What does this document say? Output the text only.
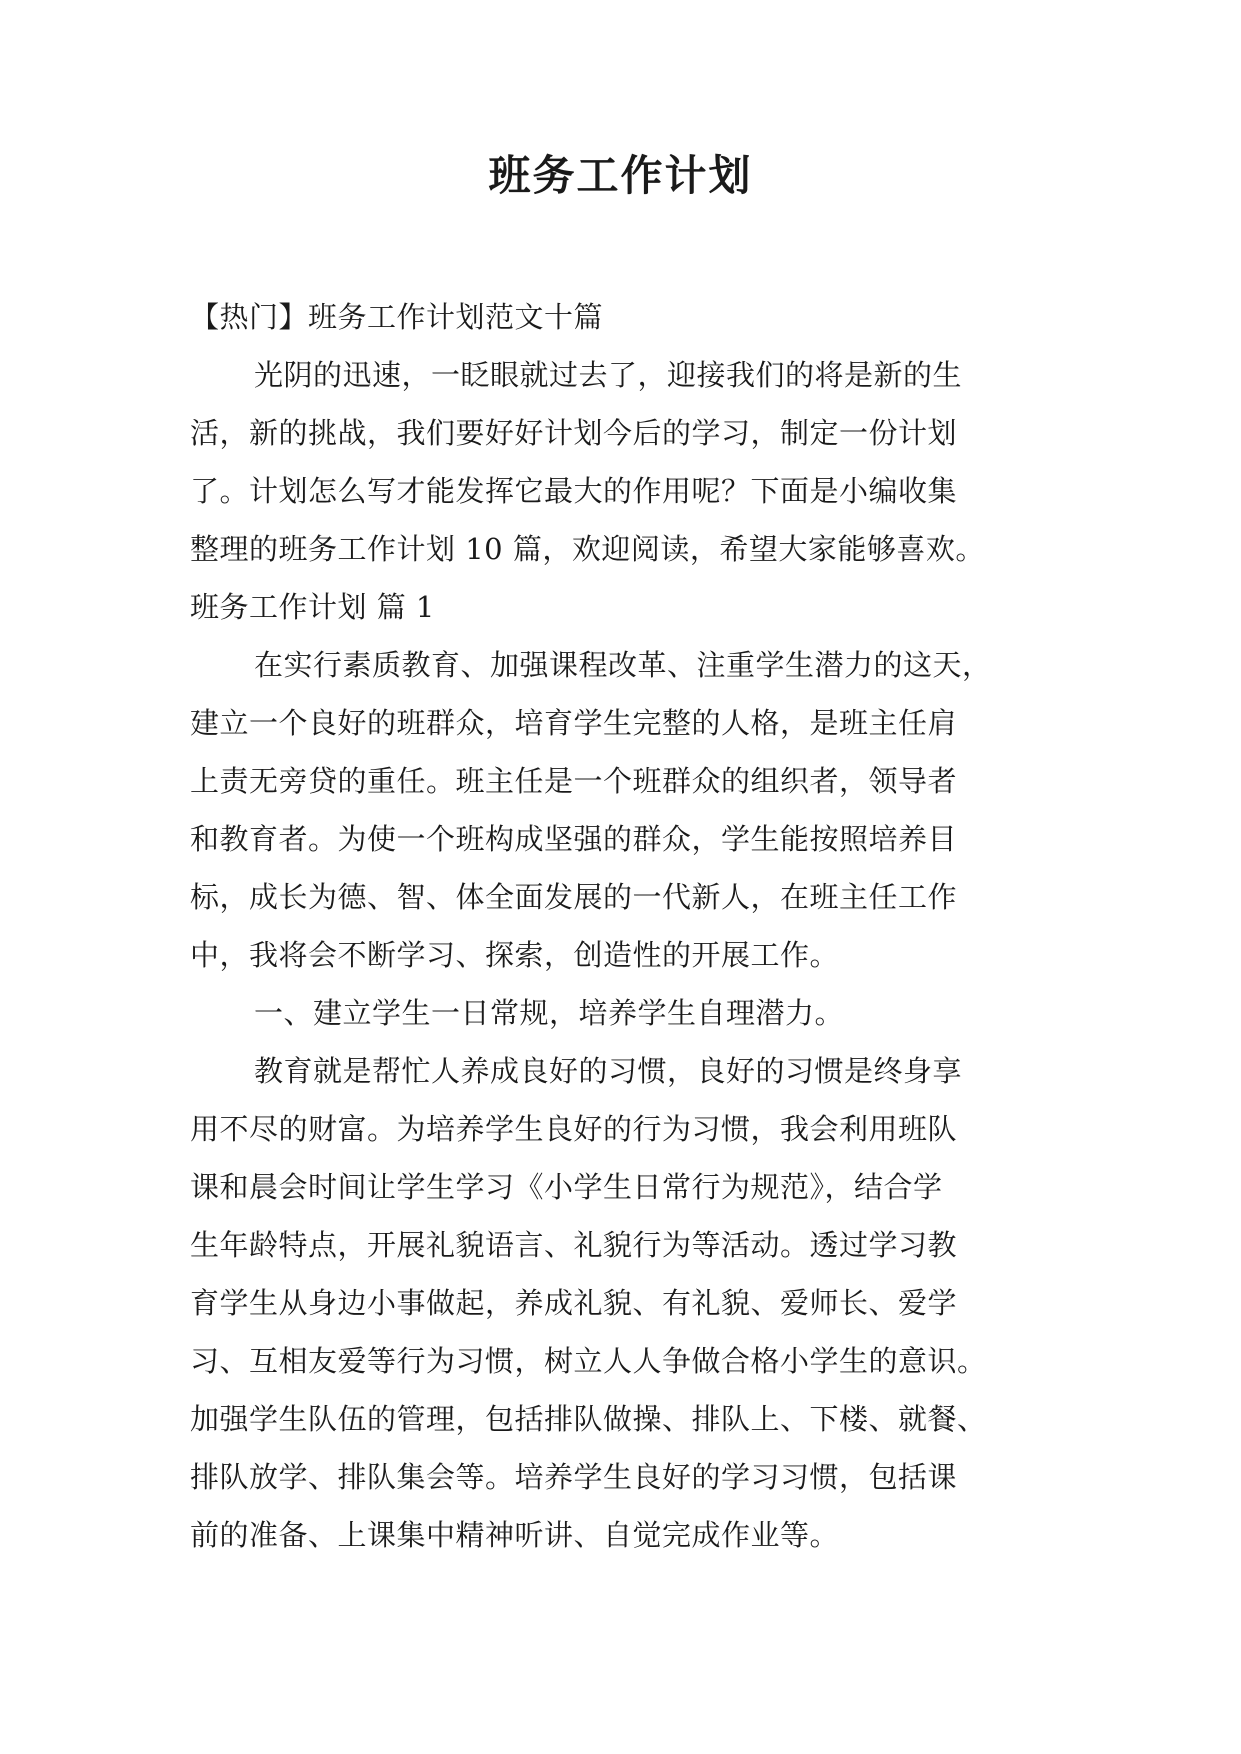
班务工作计划
【热门】班务工作计划范文十篇
光阴的迅速，一眨眼就过去了，迎接我们的将是新的生
活，新的挑战，我们要好好计划今后的学习，制定一份计划
了。计划怎么写才能发挥它最大的作用呢？下面是小编收集
整理的班务工作计划 10 篇，欢迎阅读，希望大家能够喜欢。
班务工作计划 篇 1
在实行素质教育、加强课程改革、注重学生潜力的这天，
建立一个良好的班群众，培育学生完整的人格，是班主任肩
上责无旁贷的重任。班主任是一个班群众的组织者，领导者
和教育者。为使一个班构成坚强的群众，学生能按照培养目
标，成长为德、智、体全面发展的一代新人，在班主任工作
中，我将会不断学习、探索，创造性的开展工作。
一、建立学生一日常规，培养学生自理潜力。
教育就是帮忙人养成良好的习惯，良好的习惯是终身享
用不尽的财富。为培养学生良好的行为习惯，我会利用班队
课和晨会时间让学生学习《小学生日常行为规范》，结合学
生年龄特点，开展礼貌语言、礼貌行为等活动。透过学习教
育学生从身边小事做起，养成礼貌、有礼貌、爱师长、爱学
习、互相友爱等行为习惯，树立人人争做合格小学生的意识。
加强学生队伍的管理，包括排队做操、排队上、下楼、就餐、
排队放学、排队集会等。培养学生良好的学习习惯，包括课
前的准备、上课集中精神听讲、自觉完成作业等。
